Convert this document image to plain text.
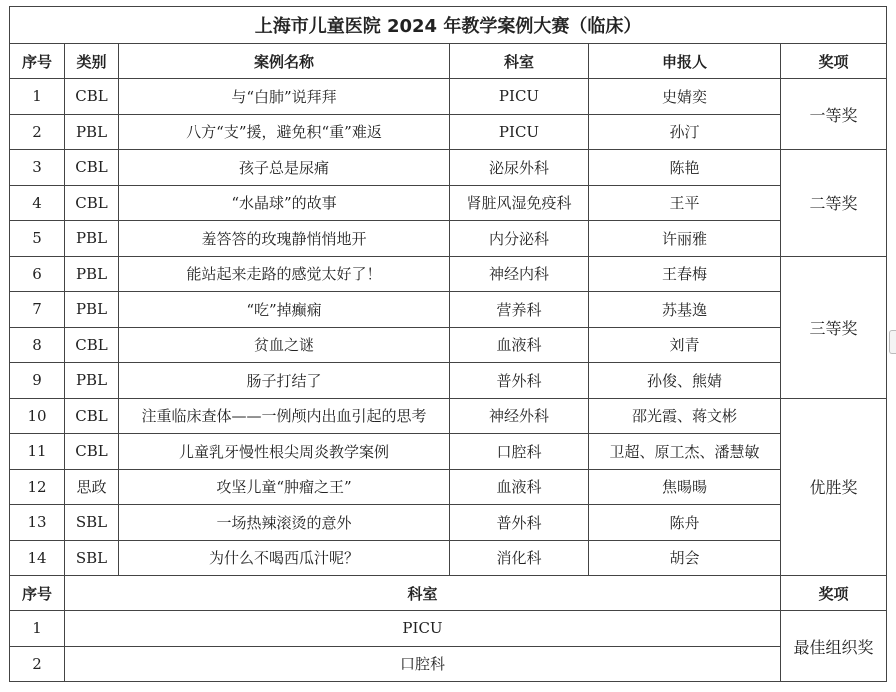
上海市儿童医院 2024 年教学案例大赛（临床）					
序号	类别	案例名称	科室	申报人	奖项
1	CBL	与“白肺”说拜拜	PICU	史婧奕	一等奖
2	PBL	八方“支”援，避免积“重”难返	PICU	孙汀	
3	CBL	孩子总是尿痛	泌尿外科	陈艳	二等奖
4	CBL	“水晶球”的故事	肾脏风湿免疫科	王平	
5	PBL	羞答答的玫瑰静悄悄地开	内分泌科	许丽雅	
6	PBL	能站起来走路的感觉太好了！	神经内科	王春梅	三等奖
7	PBL	“吃”掉癫痫	营养科	苏基逸	
8	CBL	贫血之谜	血液科	刘青	
9	PBL	肠子打结了	普外科	孙俊、熊婧	
10	CBL	注重临床查体——一例颅内出血引起的思考	神经外科	邵光霞、蒋文彬	优胜奖
11	CBL	儿童乳牙慢性根尖周炎教学案例	口腔科	卫超、原工杰、潘慧敏	
12	思政	攻坚儿童“肿瘤之王”	血液科	焦暘暘	
13	SBL	一场热辣滚烫的意外	普外科	陈舟	
14	SBL	为什么不喝西瓜汁呢？	消化科	胡会	
序号	科室				奖项
1	PICU				最佳组织奖
2	口腔科				
